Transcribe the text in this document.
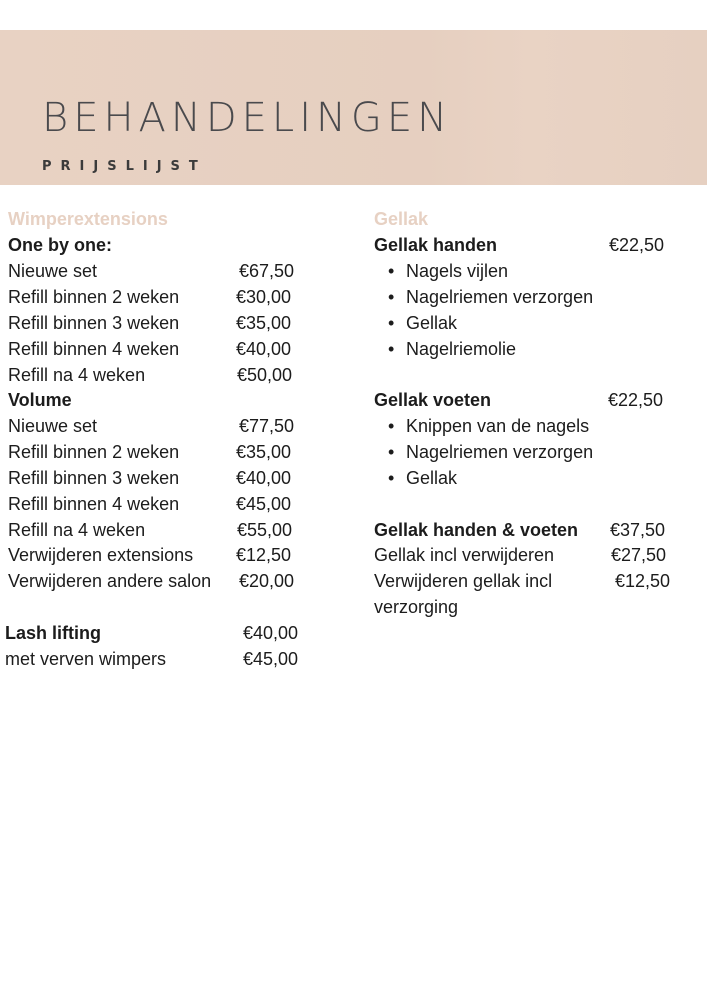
BEHANDELINGEN
PRIJSLIJST
Wimperextensions
One by one:
Nieuwe set	€67,50
Refill binnen 2 weken	€30,00
Refill binnen 3 weken	€35,00
Refill binnen 4 weken	€40,00
Refill na 4 weken	€50,00
Volume
Nieuwe set	€77,50
Refill binnen 2 weken	€35,00
Refill binnen 3 weken	€40,00
Refill binnen 4 weken	€45,00
Refill na 4 weken	€55,00
Verwijderen extensions €12,50
Verwijderen andere salon €20,00
Lash lifting	€40,00
met verven wimpers	€45,00
Gellak
Gellak handen	€22,50
• Nagels vijlen
• Nagelriemen verzorgen
• Gellak
• Nagelriemolie
Gellak voeten	€22,50
• Knippen van de nagels
• Nagelriemen verzorgen
• Gellak
Gellak handen & voeten €37,50
Gellak incl verwijderen	€27,50
Verwijderen gellak incl	€12,50
verzorging
